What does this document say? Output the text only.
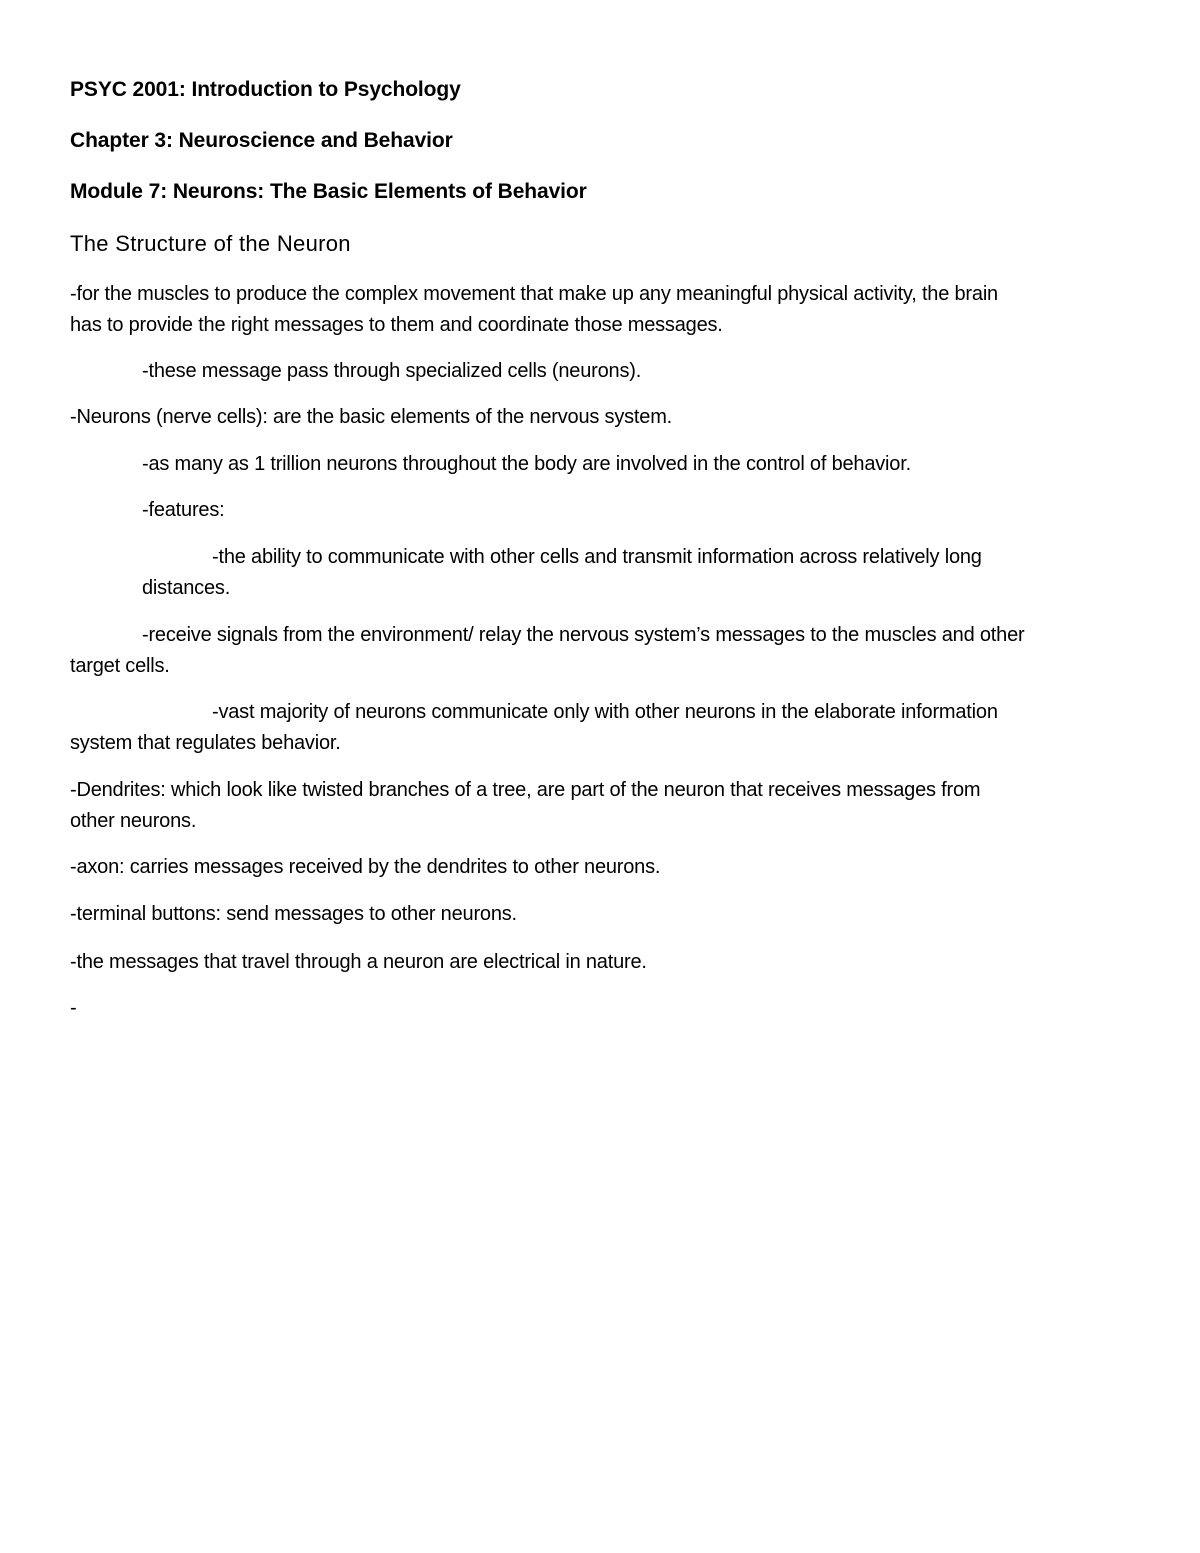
PSYC 2001: Introduction to Psychology
Chapter 3: Neuroscience and Behavior
Module 7: Neurons: The Basic Elements of Behavior
The Structure of the Neuron
-for the muscles to produce the complex movement that make up any meaningful physical activity, the brain
has to provide the right messages to them and coordinate those messages.
-these message pass through specialized cells (neurons).
-Neurons (nerve cells): are the basic elements of the nervous system.
-as many as 1 trillion neurons throughout the body are involved in the control of behavior.
-features:
-the ability to communicate with other cells and transmit information across relatively long
distances.
-receive signals from the environment/ relay the nervous system’s messages to the muscles and other
target cells.
-vast majority of neurons communicate only with other neurons in the elaborate information
system that regulates behavior.
-Dendrites: which look like twisted branches of a tree, are part of the neuron that receives messages from
other neurons.
-axon: carries messages received by the dendrites to other neurons.
-terminal buttons: send messages to other neurons.
-the messages that travel through a neuron are electrical in nature.
-
